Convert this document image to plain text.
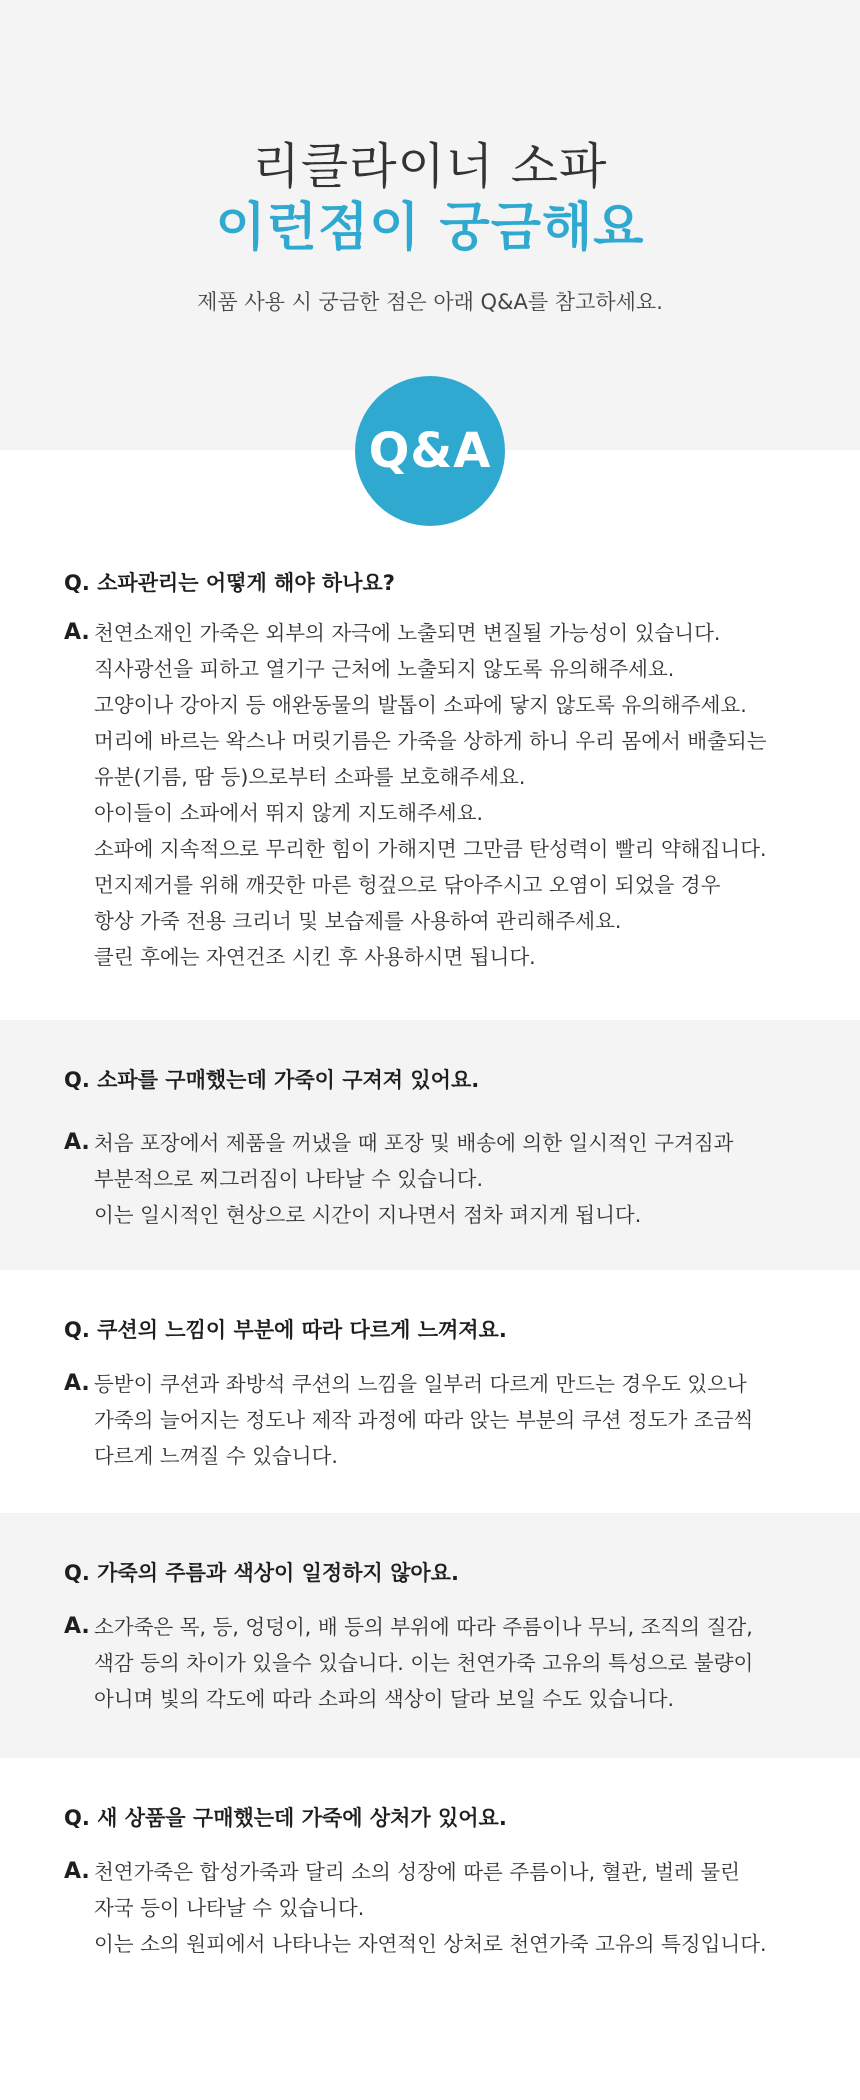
리클라이너 소파
이런점이 궁금해요
제품 사용 시 궁금한 점은 아래 Q&A를 참고하세요.
Q&A
Q. 소파관리는 어떻게 해야 하나요?
A. 천연소재인 가죽은 외부의 자극에 노출되면 변질될 가능성이 있습니다.
직사광선을 피하고 열기구 근처에 노출되지 않도록 유의해주세요.
고양이나 강아지 등 애완동물의 발톱이 소파에 닿지 않도록 유의해주세요.
머리에 바르는 왁스나 머릿기름은 가죽을 상하게 하니 우리 몸에서 배출되는
유분(기름, 땀 등)으로부터 소파를 보호해주세요.
아이들이 소파에서 뛰지 않게 지도해주세요.
소파에 지속적으로 무리한 힘이 가해지면 그만큼 탄성력이 빨리 약해집니다.
먼지제거를 위해 깨끗한 마른 헝겊으로 닦아주시고 오염이 되었을 경우
항상 가죽 전용 크리너 및 보습제를 사용하여 관리해주세요.
클린 후에는 자연건조 시킨 후 사용하시면 됩니다.
Q. 소파를 구매했는데 가죽이 구져져 있어요.
A. 처음 포장에서 제품을 꺼냈을 때 포장 및 배송에 의한 일시적인 구겨짐과
부분적으로 찌그러짐이 나타날 수 있습니다.
이는 일시적인 현상으로 시간이 지나면서 점차 펴지게 됩니다.
Q. 쿠션의 느낌이 부분에 따라 다르게 느껴져요.
A. 등받이 쿠션과 좌방석 쿠션의 느낌을 일부러 다르게 만드는 경우도 있으나
가죽의 늘어지는 정도나 제작 과정에 따라 앉는 부분의 쿠션 정도가 조금씩
다르게 느껴질 수 있습니다.
Q. 가죽의 주름과 색상이 일정하지 않아요.
A. 소가죽은 목, 등, 엉덩이, 배 등의 부위에 따라 주름이나 무늬, 조직의 질감,
색감 등의 차이가 있을수 있습니다. 이는 천연가죽 고유의 특성으로 불량이
아니며 빛의 각도에 따라 소파의 색상이 달라 보일 수도 있습니다.
Q. 새 상품을 구매했는데 가죽에 상처가 있어요.
A. 천연가죽은 합성가죽과 달리 소의 성장에 따른 주름이나, 혈관, 벌레 물린
자국 등이 나타날 수 있습니다.
이는 소의 원피에서 나타나는 자연적인 상처로 천연가죽 고유의 특징입니다.
